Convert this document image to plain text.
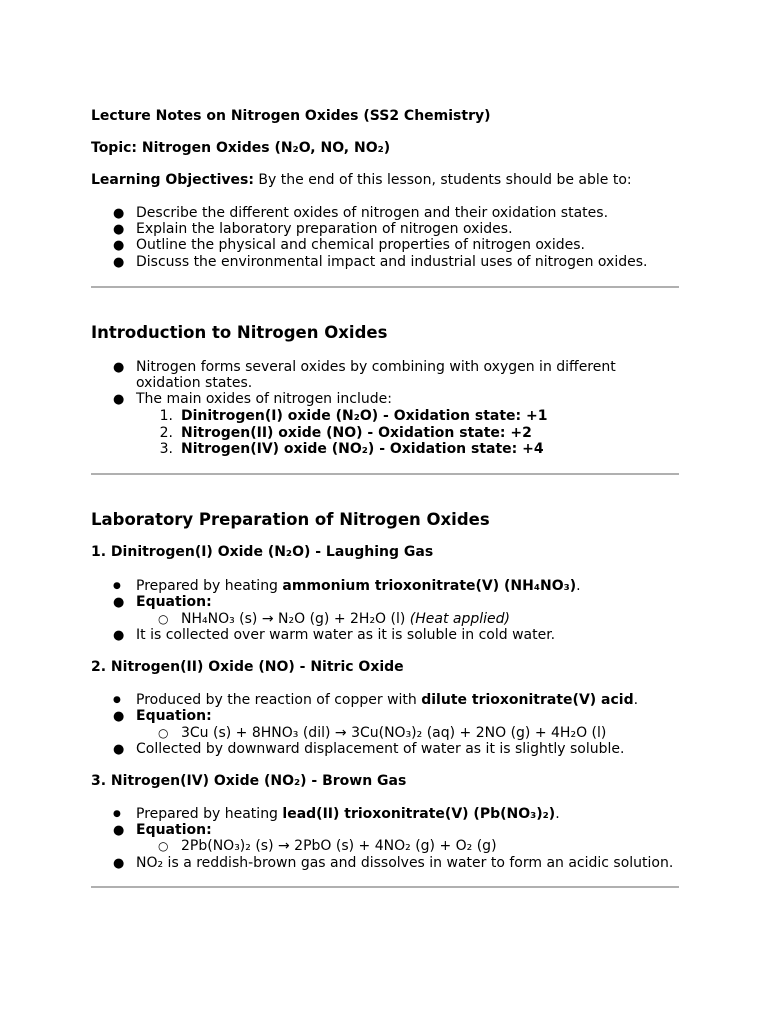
Lecture Notes on Nitrogen Oxides (SS2 Chemistry)
Topic: Nitrogen Oxides (N₂O, NO, NO₂)
Learning Objectives: By the end of this lesson, students should be able to:
● Describe the different oxides of nitrogen and their oxidation states.
● Explain the laboratory preparation of nitrogen oxides.
● Outline the physical and chemical properties of nitrogen oxides.
● Discuss the environmental impact and industrial uses of nitrogen oxides.
Introduction to Nitrogen Oxides
● Nitrogen forms several oxides by combining with oxygen in different
oxidation states.
● The main oxides of nitrogen include:
1. Dinitrogen(I) oxide (N₂O) - Oxidation state: +1
2. Nitrogen(II) oxide (NO) - Oxidation state: +2
3. Nitrogen(IV) oxide (NO₂) - Oxidation state: +4
Laboratory Preparation of Nitrogen Oxides
1. Dinitrogen(I) Oxide (N₂O) - Laughing Gas
● Prepared by heating ammonium trioxonitrate(V) (NH₄NO₃).
● Equation:
○ NH₄NO₃ (s) → N₂O (g) + 2H₂O (l) (Heat applied)
● It is collected over warm water as it is soluble in cold water.
2. Nitrogen(II) Oxide (NO) - Nitric Oxide
● Produced by the reaction of copper with dilute trioxonitrate(V) acid.
● Equation:
○ 3Cu (s) + 8HNO₃ (dil) → 3Cu(NO₃)₂ (aq) + 2NO (g) + 4H₂O (l)
● Collected by downward displacement of water as it is slightly soluble.
3. Nitrogen(IV) Oxide (NO₂) - Brown Gas
● Prepared by heating lead(II) trioxonitrate(V) (Pb(NO₃)₂).
● Equation:
○ 2Pb(NO₃)₂ (s) → 2PbO (s) + 4NO₂ (g) + O₂ (g)
● NO₂ is a reddish-brown gas and dissolves in water to form an acidic solution.
